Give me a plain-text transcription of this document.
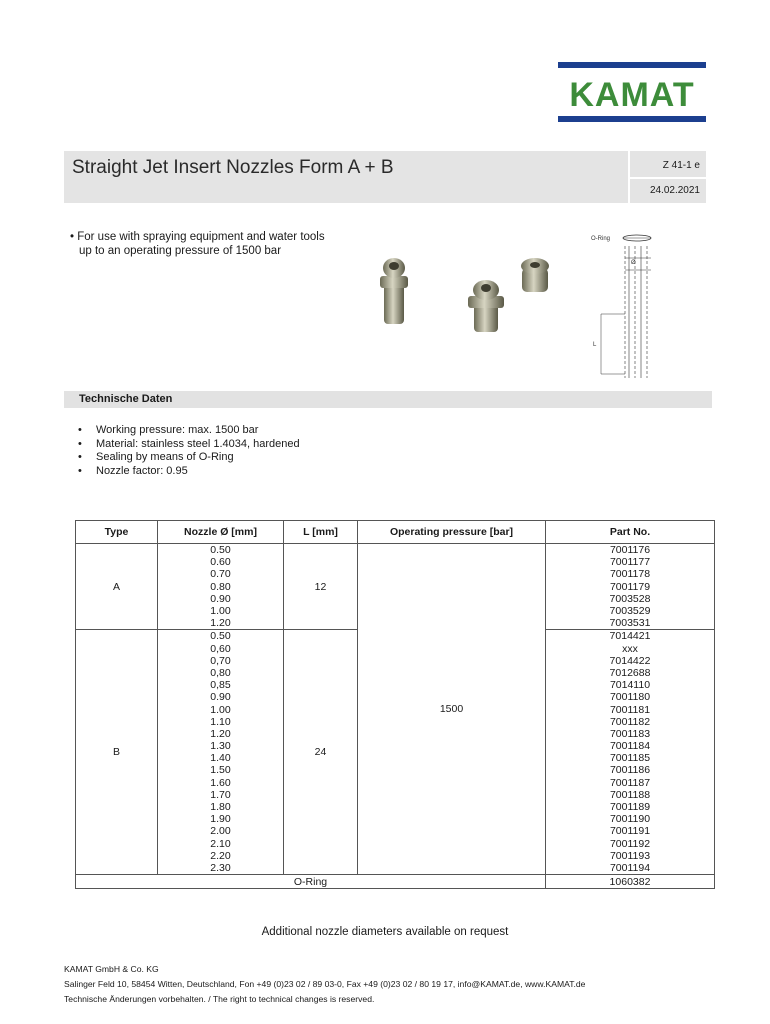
KAMAT
Straight Jet Insert Nozzles Form A + B	Z 41-1 e
24.02.2021
• For use with spraying equipment and water tools
up to an operating pressure of 1500 bar
O-Ring
Ø
L
Technische Daten
• Working pressure: max. 1500 bar
• Material: stainless steel 1.4034, hardened
• Sealing by means of O-Ring
• Nozzle factor: 0.95
Type	Nozzle Ø [mm]	L [mm]	Operating pressure [bar]	Part No.
A	0.50	12	1500	7001176
	0.60			7001177
	0.70			7001178
	0.80			7001179
	0.90			7003528
	1.00			7003529
	1.20			7003531
B	0.50	24		7014421
	0,60			xxx
	0,70			7014422
	0,80			7012688
	0,85			7014110
	0.90			7001180
	1.00			7001181
	1.10			7001182
	1.20			7001183
	1.30			7001184
	1.40			7001185
	1.50			7001186
	1.60			7001187
	1.70			7001188
	1.80			7001189
	1.90			7001190
	2.00			7001191
	2.10			7001192
	2.20			7001193
	2.30			7001194
O-Ring				1060382
Additional nozzle diameters available on request
KAMAT GmbH & Co. KG
Salinger Feld 10, 58454 Witten, Deutschland, Fon +49 (0)23 02 / 89 03-0, Fax +49 (0)23 02 / 80 19 17, info@KAMAT.de, www.KAMAT.de
Technische Änderungen vorbehalten. / The right to technical changes is reserved.
